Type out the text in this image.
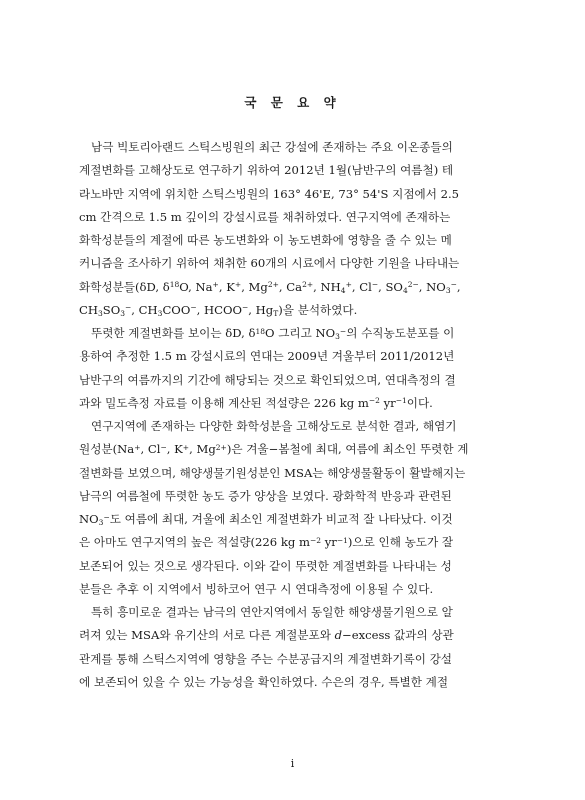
국 문 요 약
남극 빅토리아랜드 스틱스빙원의 최근 강설에 존재하는 주요 이온종들의
계절변화를 고해상도로 연구하기 위하여 2012년 1월(남반구의 여름철) 테
라노바만 지역에 위치한 스틱스빙원의 163° 46'E, 73° 54'S 지점에서 2.5
cm 간격으로 1.5 m 깊이의 강설시료를 채취하였다. 연구지역에 존재하는
화학성분들의 계절에 따른 농도변화와 이 농도변화에 영향을 줄 수 있는 메
커니즘을 조사하기 위하여 채취한 60개의 시료에서 다양한 기원을 나타내는
화학성분들(δD, $\delta^{18}O$, Na+, K+, $Mg^{2+}$, $Ca^{2+}$, $NH_4^+$, Cl−, $SO_4^{2-}$, $NO_3^-$,
$CH_3SO_3^-$, $CH_3COO^-$, HCOO−, $Hg_T$)을 분석하였다.
뚜렷한 계절변화를 보이는 δD, $\delta^{18}O$ 그리고 $NO_3^-$의 수직농도분포를 이
용하여 추정한 1.5 m 강설시료의 연대는 2009년 겨울부터 2011/2012년
남반구의 여름까지의 기간에 해당되는 것으로 확인되었으며, 연대측정의 결
과와 밀도측정 자료를 이용해 계산된 적설량은 226 kg $m^{-2}$ $yr^{-1}$이다.
연구지역에 존재하는 다양한 화학성분을 고해상도로 분석한 결과, 해염기
원성분(Na+, Cl−, K+, $Mg^{2+}$)은 겨울−봄철에 최대, 여름에 최소인 뚜렷한 계
절변화를 보였으며, 해양생물기원성분인 MSA는 해양생물활동이 활발해지는
남극의 여름철에 뚜렷한 농도 증가 양상을 보였다. 광화학적 반응과 관련된
$NO_3^-$도 여름에 최대, 겨울에 최소인 계절변화가 비교적 잘 나타났다. 이것
은 아마도 연구지역의 높은 적설량(226 kg $m^{-2}$ $yr^{-1}$)으로 인해 농도가 잘
보존되어 있는 것으로 생각된다. 이와 같이 뚜렷한 계절변화를 나타내는 성
분들은 추후 이 지역에서 빙하코어 연구 시 연대측정에 이용될 수 있다.
특히 흥미로운 결과는 남극의 연안지역에서 동일한 해양생물기원으로 알
려져 있는 MSA와 유기산의 서로 다른 계절분포와 d−excess 값과의 상관
관계를 통해 스틱스지역에 영향을 주는 수분공급지의 계절변화기록이 강설
에 보존되어 있을 수 있는 가능성을 확인하였다. 수은의 경우, 특별한 계절
i
